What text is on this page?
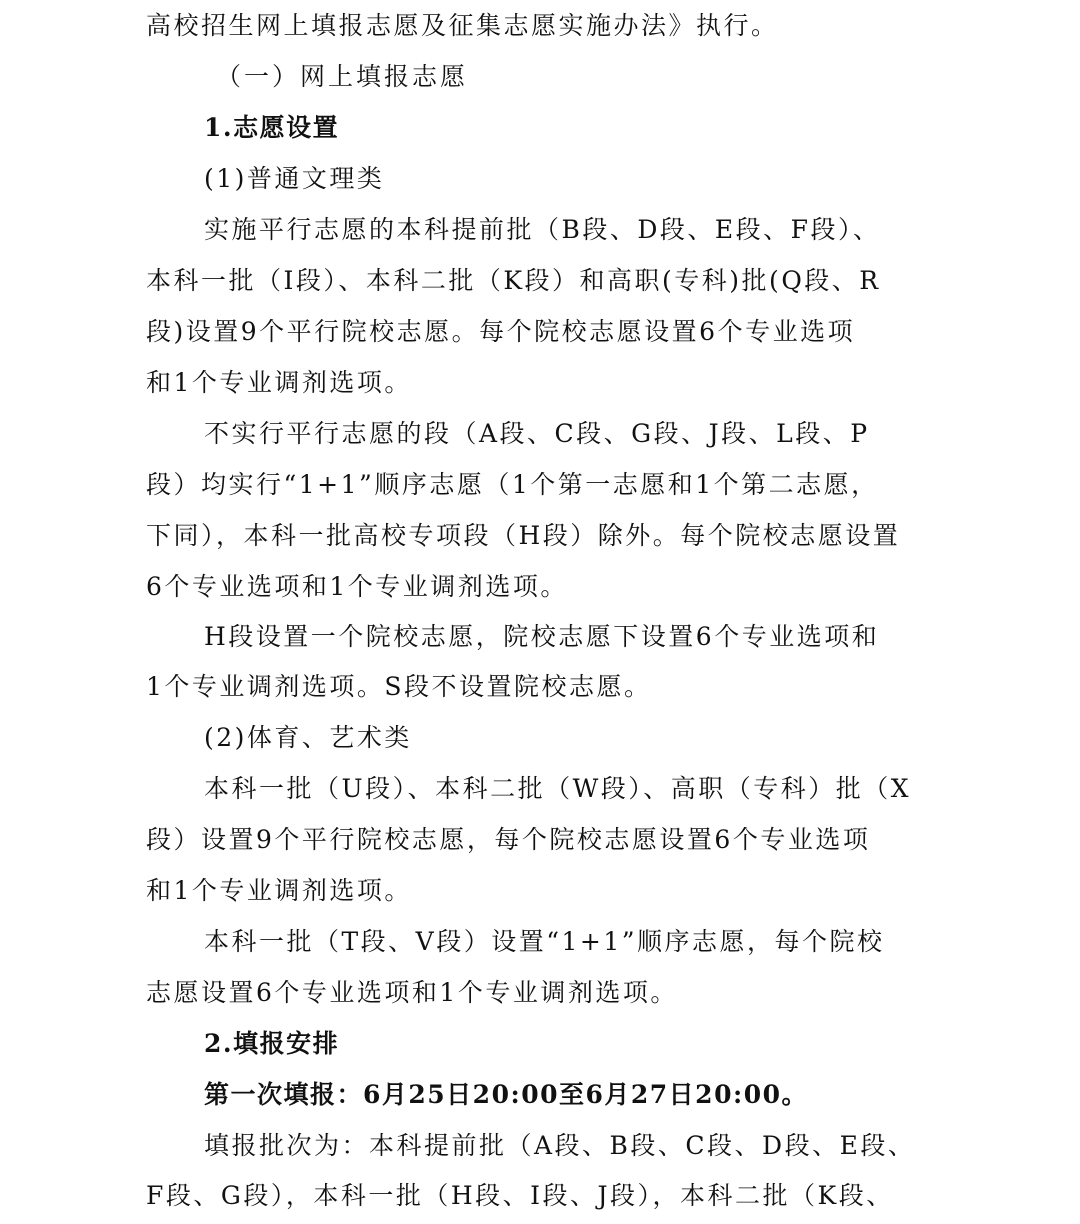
高校招生网上填报志愿及征集志愿实施办法》执行。
（一）网上填报志愿
1.志愿设置
(1)普通文理类
实施平行志愿的本科提前批（B段、D段、E段、F段）、
本科一批（I段）、本科二批（K段）和高职(专科)批(Q段、R
段)设置9个平行院校志愿。每个院校志愿设置6个专业选项
和1个专业调剂选项。
不实行平行志愿的段（A段、C段、G段、J段、L段、P
段）均实行“1+1”顺序志愿（1个第一志愿和1个第二志愿，
下同），本科一批高校专项段（H段）除外。每个院校志愿设置
6个专业选项和1个专业调剂选项。
H段设置一个院校志愿，院校志愿下设置6个专业选项和
1个专业调剂选项。S段不设置院校志愿。
(2)体育、艺术类
本科一批（U段）、本科二批（W段）、高职（专科）批（X
段）设置9个平行院校志愿，每个院校志愿设置6个专业选项
和1个专业调剂选项。
本科一批（T段、V段）设置“1+1”顺序志愿，每个院校
志愿设置6个专业选项和1个专业调剂选项。
2.填报安排
第一次填报：6月25日20:00至6月27日20:00。
填报批次为：本科提前批（A段、B段、C段、D段、E段、
F段、G段），本科一批（H段、I段、J段），本科二批（K段、
